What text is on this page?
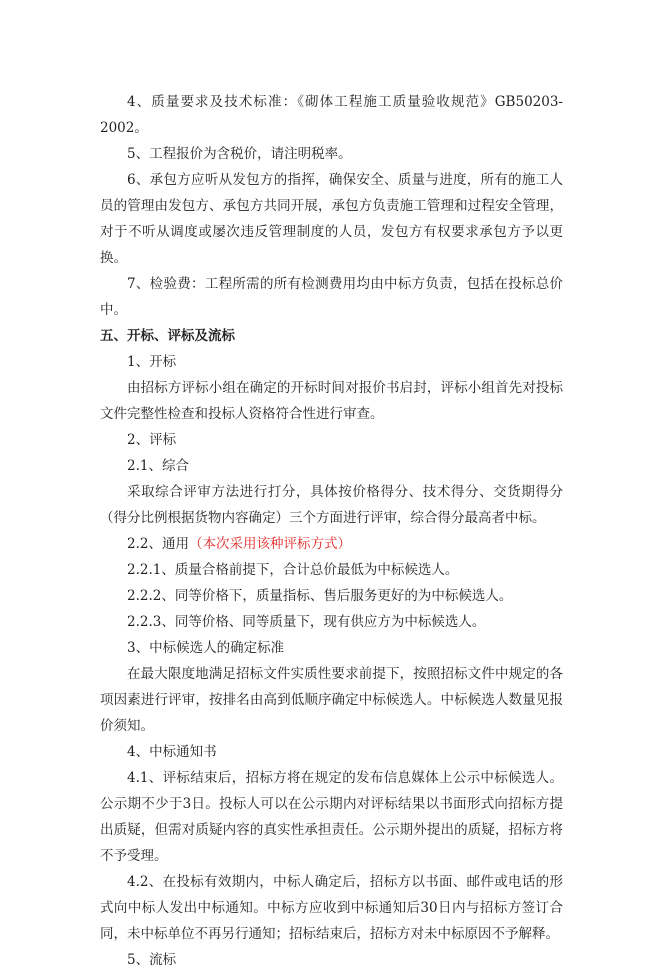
4、质量要求及技术标准：《砌体工程施工质量验收规范》GB50203-2002。

5、工程报价为含税价，请注明税率。

6、承包方应听从发包方的指挥，确保安全、质量与进度，所有的施工人员的管理由发包方、承包方共同开展，承包方负责施工管理和过程安全管理，对于不听从调度或屡次违反管理制度的人员，发包方有权要求承包方予以更换。

7、检验费：工程所需的所有检测费用均由中标方负责，包括在投标总价中。

五、开标、评标及流标

1、开标

由招标方评标小组在确定的开标时间对报价书启封，评标小组首先对投标文件完整性检查和投标人资格符合性进行审查。

2、评标

2.1、综合

采取综合评审方法进行打分，具体按价格得分、技术得分、交货期得分（得分比例根据货物内容确定）三个方面进行评审，综合得分最高者中标。

2.2、通用（本次采用该种评标方式）

2.2.1、质量合格前提下，合计总价最低为中标候选人。

2.2.2、同等价格下，质量指标、售后服务更好的为中标候选人。

2.2.3、同等价格、同等质量下，现有供应方为中标候选人。

3、中标候选人的确定标准

在最大限度地满足招标文件实质性要求前提下，按照招标文件中规定的各项因素进行评审，按排名由高到低顺序确定中标候选人。中标候选人数量见报价须知。

4、中标通知书

4.1、评标结束后，招标方将在规定的发布信息媒体上公示中标候选人。公示期不少于3日。投标人可以在公示期内对评标结果以书面形式向招标方提出质疑，但需对质疑内容的真实性承担责任。公示期外提出的质疑，招标方将不予受理。

4.2、在投标有效期内，中标人确定后，招标方以书面、邮件或电话的形式向中标人发出中标通知。中标方应收到中标通知后30日内与招标方签订合同，未中标单位不再另行通知；招标结束后，招标方对未中标原因不予解释。

5、流标
